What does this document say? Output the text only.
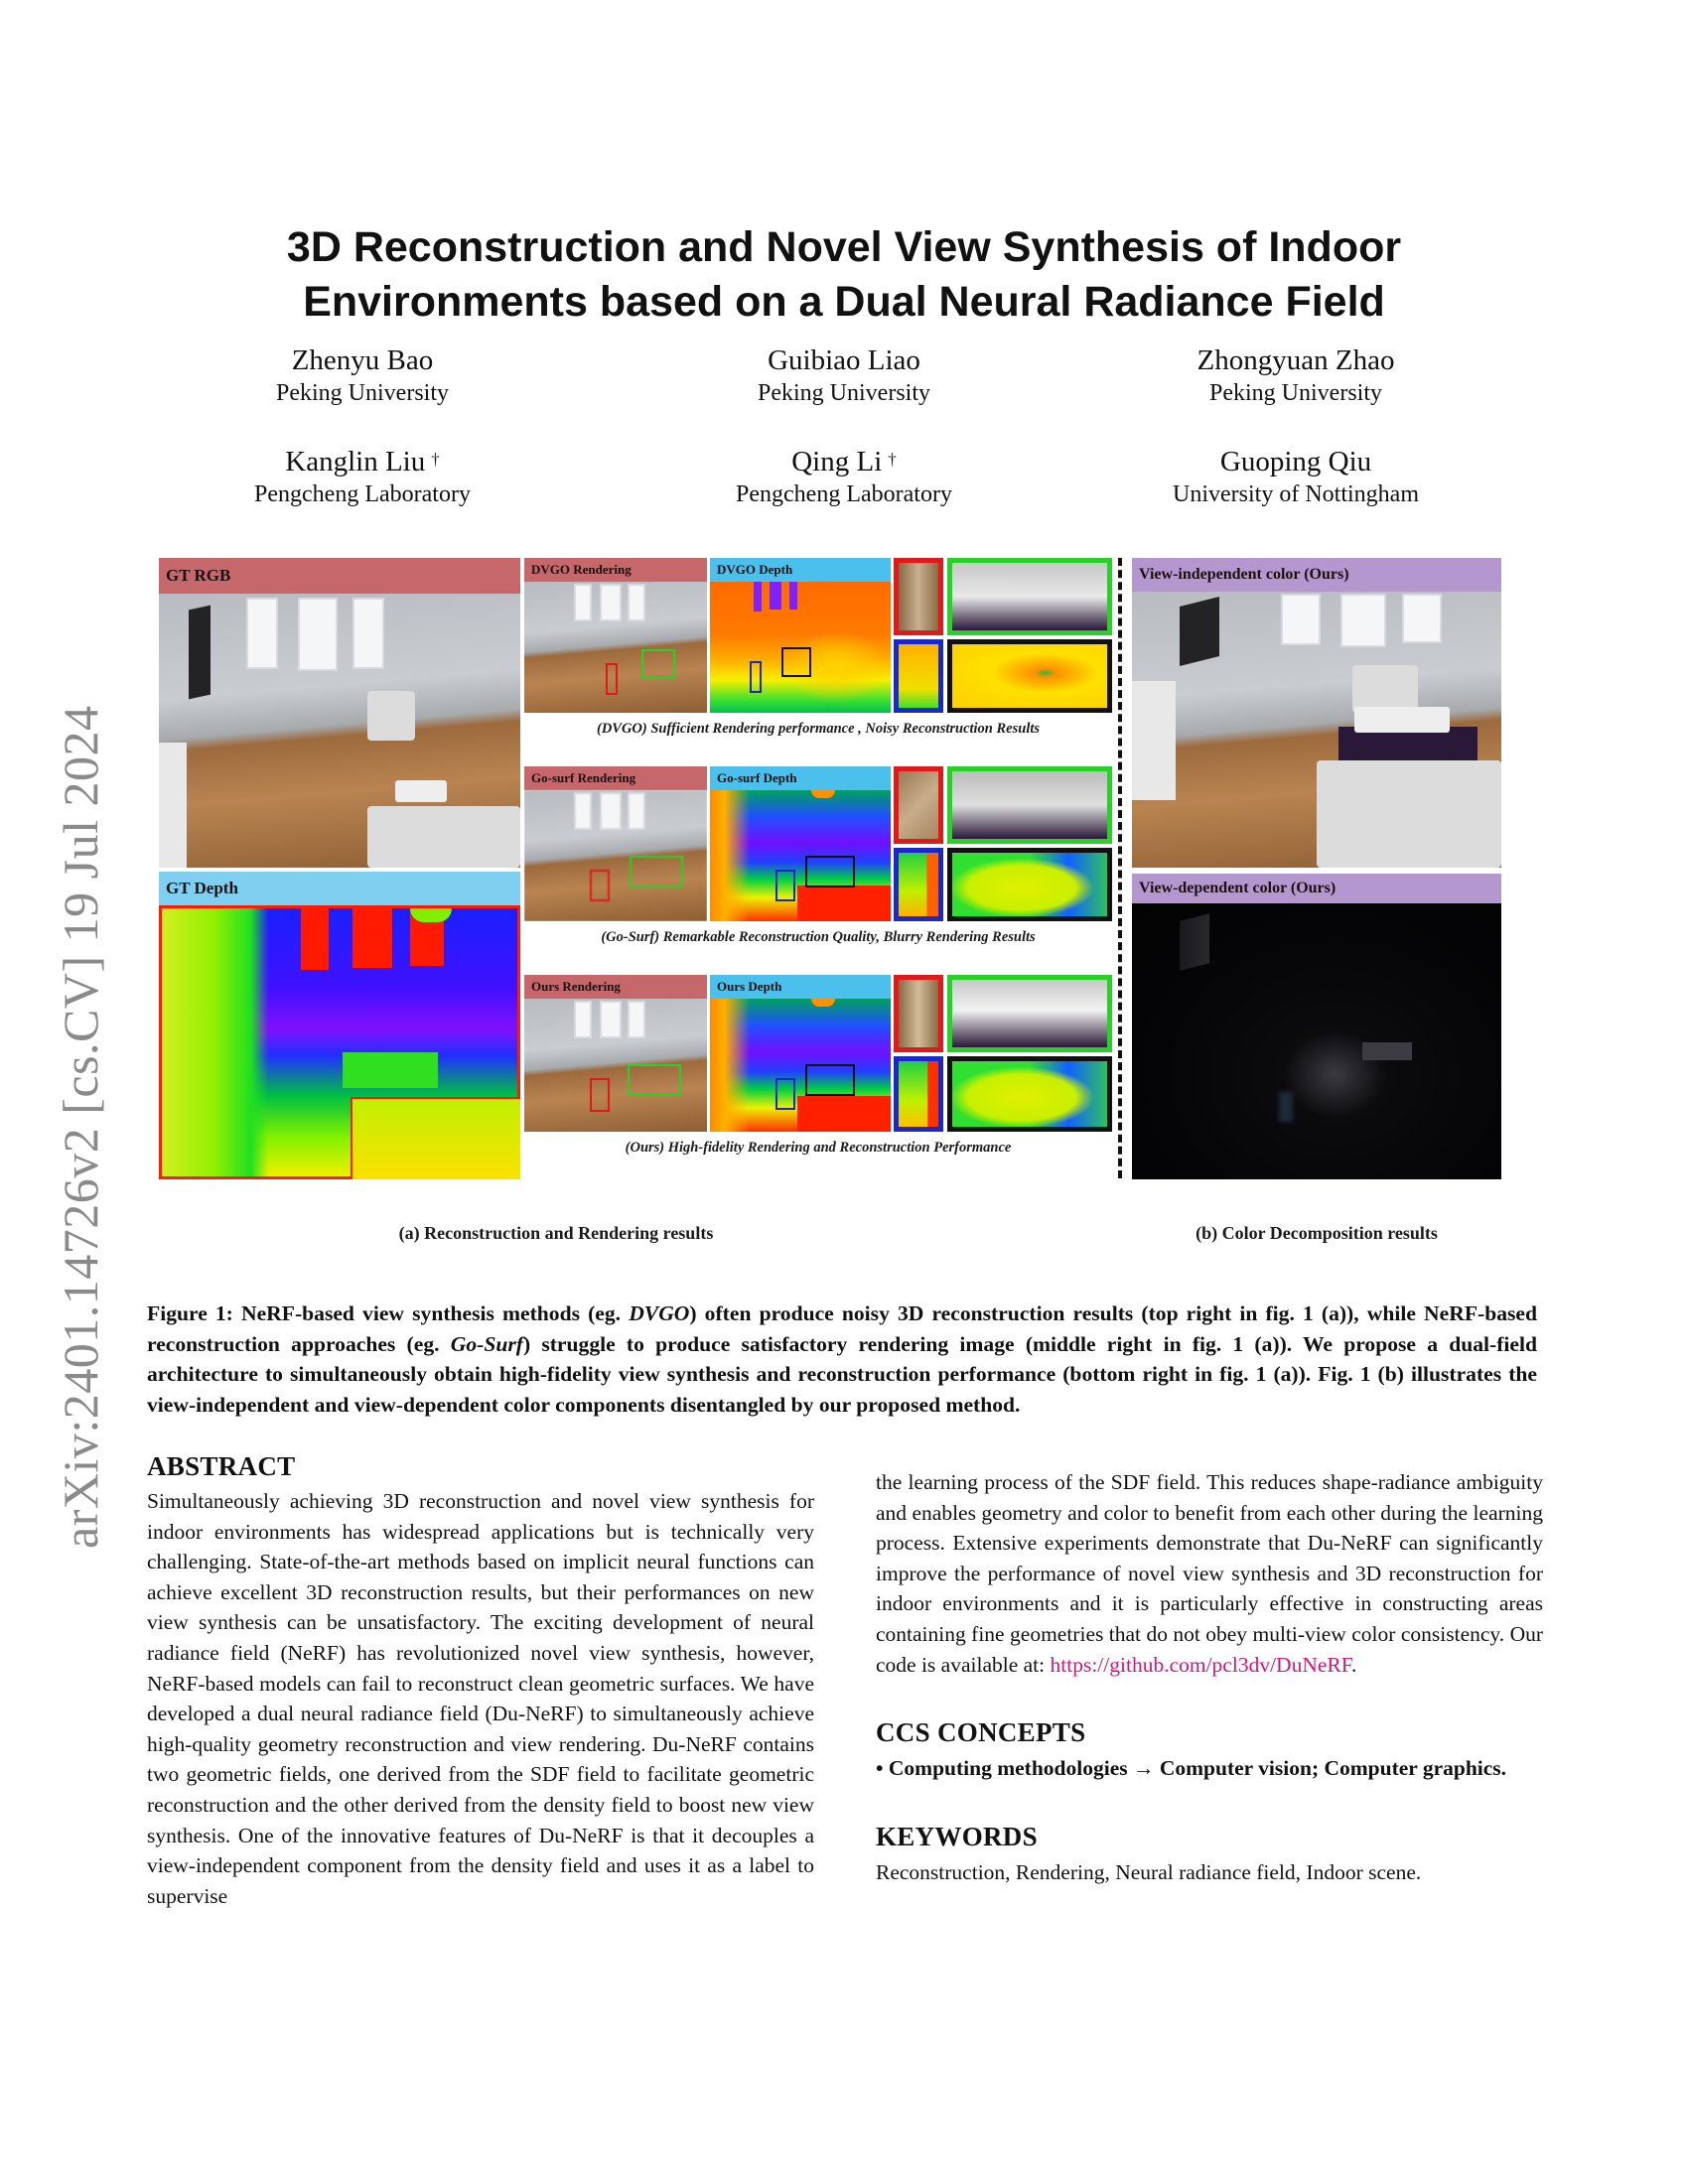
arXiv:2401.14726v2 [cs.CV] 19 Jul 2024
3D Reconstruction and Novel View Synthesis of Indoor
Environments based on a Dual Neural Radiance Field
Zhenyu Bao
Peking University
Guibiao Liao
Peking University
Zhongyuan Zhao
Peking University
Kanglin Liu †
Pengcheng Laboratory
Qing Li †
Pengcheng Laboratory
Guoping Qiu
University of Nottingham
GT RGB
GT Depth
DVGO Rendering	DVGO Depth
(DVGO) Sufficient Rendering performance , Noisy Reconstruction Results
Go-surf Rendering	Go-surf Depth
(Go-Surf) Remarkable Reconstruction Quality, Blurry Rendering Results
Ours Rendering	Ours Depth
(Ours) High-fidelity Rendering and Reconstruction Performance
View-independent color (Ours)
View-dependent color (Ours)
(a) Reconstruction and Rendering results	(b) Color Decomposition results
Figure 1: NeRF-based view synthesis methods (eg. DVGO) often produce noisy 3D reconstruction results (top right in fig. 1 (a)), while NeRF-based reconstruction approaches (eg. Go-Surf) struggle to produce satisfactory rendering image (middle right in fig. 1 (a)). We propose a dual-field architecture to simultaneously obtain high-fidelity view synthesis and reconstruction performance (bottom right in fig. 1 (a)). Fig. 1 (b) illustrates the view-independent and view-dependent color components disentangled by our proposed method.
ABSTRACT

Simultaneously achieving 3D reconstruction and novel view synthesis for indoor environments has widespread applications but is technically very challenging. State-of-the-art methods based on implicit neural functions can achieve excellent 3D reconstruction results, but their performances on new view synthesis can be unsatisfactory. The exciting development of neural radiance field (NeRF) has revolutionized novel view synthesis, however, NeRF-based models can fail to reconstruct clean geometric surfaces. We have developed a dual neural radiance field (Du-NeRF) to simultaneously achieve high-quality geometry reconstruction and view rendering. Du-NeRF contains two geometric fields, one derived from the SDF field to facilitate geometric reconstruction and the other derived from the density field to boost new view synthesis. One of the innovative features of Du-NeRF is that it decouples a view-independent component from the density field and uses it as a label to supervise

the learning process of the SDF field. This reduces shape-radiance ambiguity and enables geometry and color to benefit from each other during the learning process. Extensive experiments demonstrate that Du-NeRF can significantly improve the performance of novel view synthesis and 3D reconstruction for indoor environments and it is particularly effective in constructing areas containing fine geometries that do not obey multi-view color consistency. Our code is available at: https://github.com/pcl3dv/DuNeRF.

CCS CONCEPTS

• Computing methodologies → Computer vision; Computer graphics.

KEYWORDS

Reconstruction, Rendering, Neural radiance field, Indoor scene.
